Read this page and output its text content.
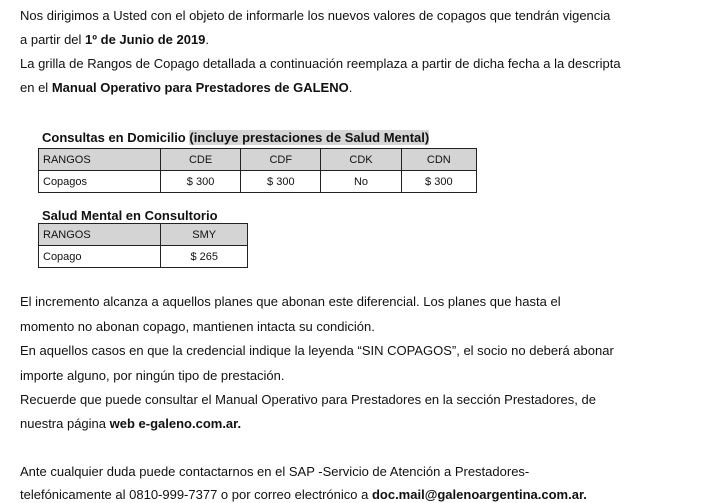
Nos dirigimos a Usted con el objeto de informarle los nuevos valores de copagos que tendrán vigencia
a partir del 1º de Junio de 2019.
La grilla de Rangos de Copago detallada a continuación reemplaza a partir de dicha fecha a la descripta
en el Manual Operativo para Prestadores de GALENO.
Consultas en Domicilio (incluye prestaciones de Salud Mental)
RANGOS	CDE	CDF	CDK	CDN
Copagos	$ 300	$ 300	No	$ 300
Salud Mental en Consultorio
RANGOS	SMY
Copago	$ 265
El incremento alcanza a aquellos planes que abonan este diferencial. Los planes que hasta el
momento no abonan copago, mantienen intacta su condición.
En aquellos casos en que la credencial indique la leyenda “SIN COPAGOS”, el socio no deberá abonar
importe alguno, por ningún tipo de prestación.
Recuerde que puede consultar el Manual Operativo para Prestadores en la sección Prestadores, de
nuestra página web e-galeno.com.ar.
Ante cualquier duda puede contactarnos en el SAP -Servicio de Atención a Prestadores-
telefónicamente al 0810-999-7377 o por correo electrónico a doc.mail@galenoargentina.com.ar.
